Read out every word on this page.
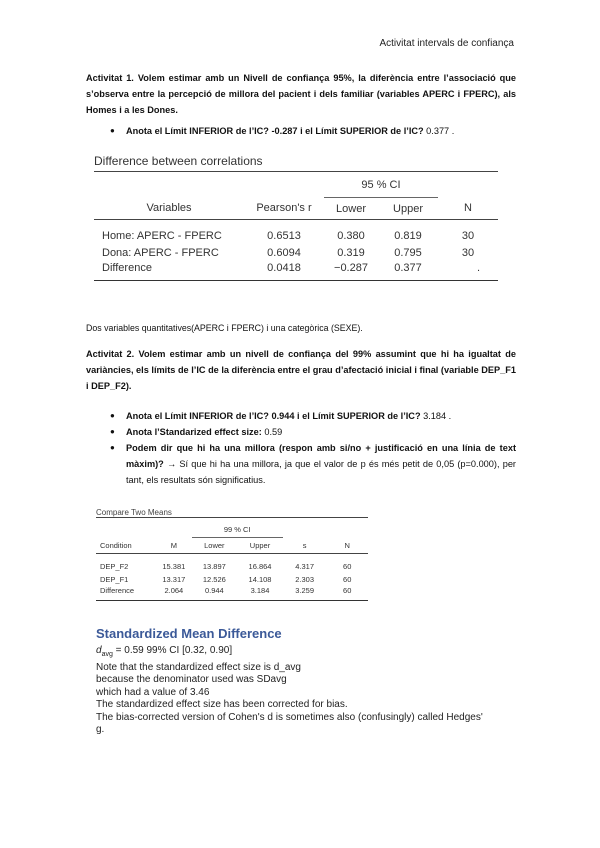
Activitat intervals de confiança
Activitat 1. Volem estimar amb un Nivell de confiança 95%, la diferència entre l’associació que s’observa entre la percepció de millora del pacient i dels familiar (variables APERC i FPERC), als Homes i a les Dones.
● Anota el Límit INFERIOR de l’IC? -0.287 i el Límit SUPERIOR de l’IC? 0.377 .
Difference between correlations
		95 % CI		
Variables	Pearson's r	Lower	Upper	N

Home: APERC - FPERC	0.6513	0.380	0.819	30
Dona: APERC - FPERC	0.6094	0.319	0.795	30
Difference	0.0418	−0.287	0.377	.
Dos variables quantitatives(APERC i FPERC) i una categòrica (SEXE).
Activitat 2. Volem estimar amb un nivell de confiança del 99% assumint que hi ha igualtat de variàncies, els límits de l’IC de la diferència entre el grau d’afectació inicial i final (variable DEP_F1 i DEP_F2).
● Anota el Límit INFERIOR de l’IC? 0.944 i el Límit SUPERIOR de l’IC? 3.184 .
● Anota l’Standarized effect size: 0.59
● Podem dir que hi ha una millora (respon amb si/no + justificació en una línia de text màxim)? → Sí que hi ha una millora, ja que el valor de p és més petit de 0,05 (p=0.000), per tant, els resultats són significatius.
Compare Two Means
		99 % CI			
Condition	M	Lower	Upper	s	N

DEP_F2	15.381	13.897	16.864	4.317	60
DEP_F1	13.317	12.526	14.108	2.303	60
Difference	2.064	0.944	3.184	3.259	60
Standardized Mean Difference
$d_{avg} = 0.59$ 99% CI [0.32, 0.90]
Note that the standardized effect size is d_avg
because the denominator used was SDavg
which had a value of 3.46
The standardized effect size has been corrected for bias.
The bias-corrected version of Cohen's d is sometimes also (confusingly) called Hedges'
g.
